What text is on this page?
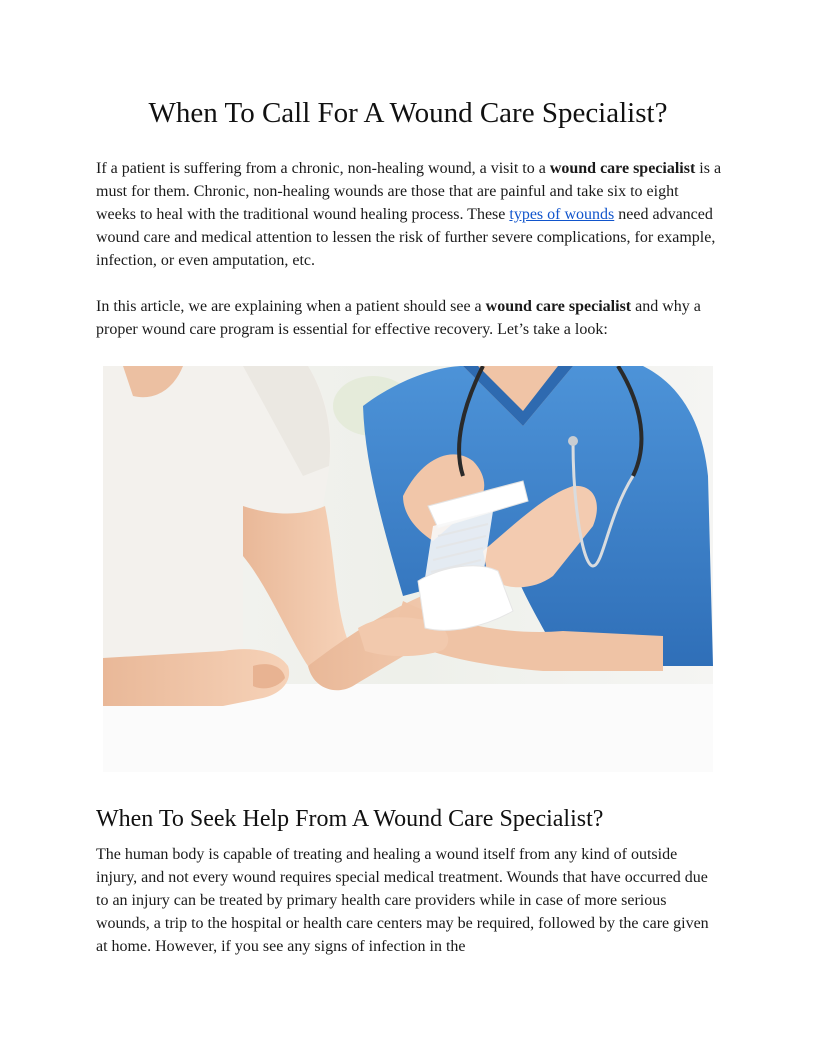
When To Call For A Wound Care Specialist?

If a patient is suffering from a chronic, non-healing wound, a visit to a wound care specialist is a must for them. Chronic, non-healing wounds are those that are painful and take six to eight weeks to heal with the traditional wound healing process. These types of wounds need advanced wound care and medical attention to lessen the risk of further severe complications, for example, infection, or even amputation, etc.

In this article, we are explaining when a patient should see a wound care specialist and why a proper wound care program is essential for effective recovery. Let’s take a look:

When To Seek Help From A Wound Care Specialist?

The human body is capable of treating and healing a wound itself from any kind of outside injury, and not every wound requires special medical treatment. Wounds that have occurred due to an injury can be treated by primary health care providers while in case of more serious wounds, a trip to the hospital or health care centers may be required, followed by the care given at home. However, if you see any signs of infection in the
